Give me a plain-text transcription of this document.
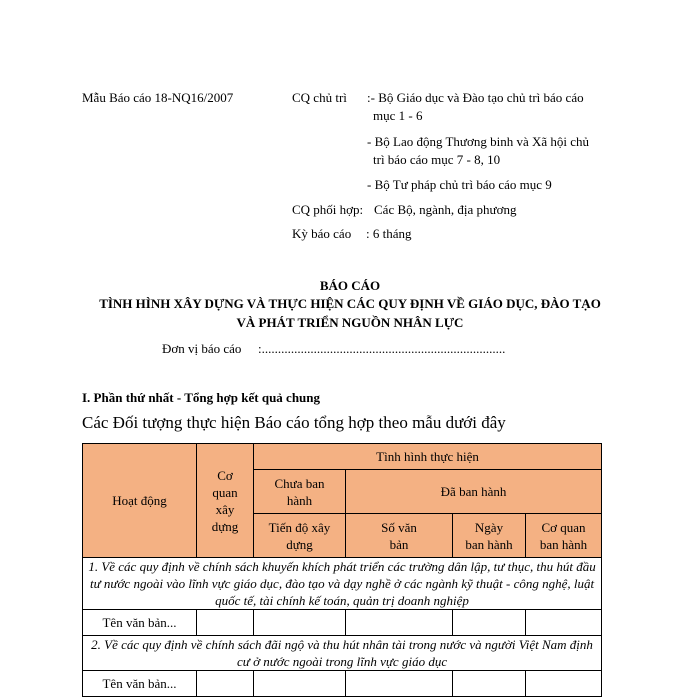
Mẫu Báo cáo 18-NQ16/2007	CQ chủ trì :- Bộ Giáo dục và Đào tạo chủ trì báo cáo
mục 1 - 6
- Bộ Lao động Thương binh và Xã hội chủ
trì báo cáo mục 7 - 8, 10
- Bộ Tư pháp chủ trì báo cáo mục 9
CQ phối hợp: Các Bộ, ngành, địa phương
Kỳ báo cáo : 6 tháng
BÁO CÁO
TÌNH HÌNH XÂY DỰNG VÀ THỰC HIỆN CÁC QUY ĐỊNH VỀ GIÁO DỤC, ĐÀO TẠO
VÀ PHÁT TRIỂN NGUỒN NHÂN LỰC
Đơn vị báo cáo :...........................................................................
I. Phần thứ nhất - Tổng hợp kết quả chung
Các Đối tượng thực hiện Báo cáo tổng hợp theo mẫu dưới đây
Hoạt động	Cơ quan xây dựng	Tình hình thực hiện			
		Chưa ban hành	Đã ban hành		
		Tiến độ xây dựng	Số văn bản	Ngày ban hành	Cơ quan ban hành
1. Về các quy định về chính sách khuyến khích phát triển các trường dân lập, tư thục, thu hút đầu tư nước ngoài vào lĩnh vực giáo dục, đào tạo và dạy nghề ở các ngành kỹ thuật - công nghệ, luật quốc tế, tài chính kế toán, quản trị doanh nghiệp					
Tên văn bản...					
2. Về các quy định về chính sách đãi ngộ và thu hút nhân tài trong nước và người Việt Nam định cư ở nước ngoài trong lĩnh vực giáo dục					
Tên văn bản...					
